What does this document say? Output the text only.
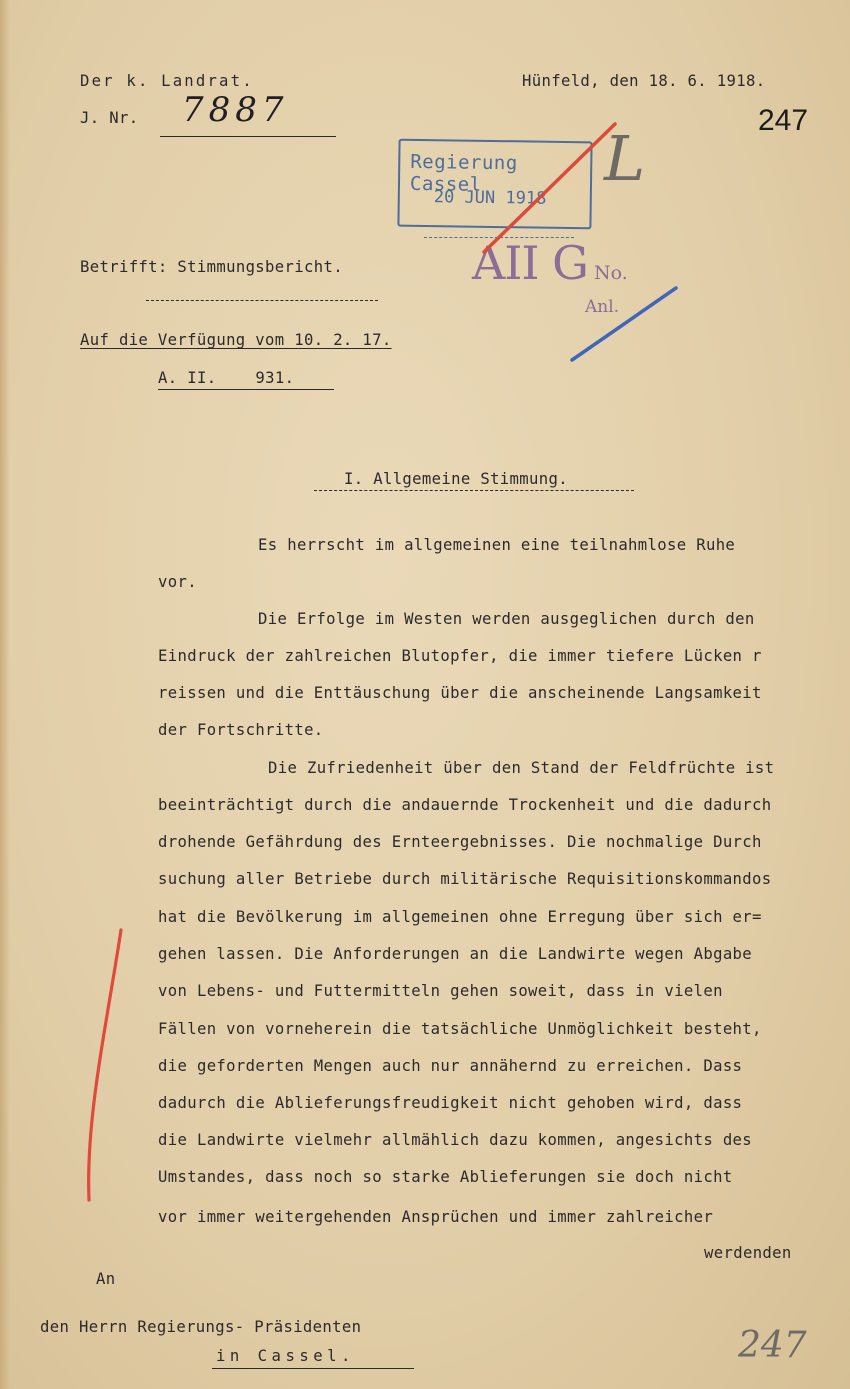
Der k. Landrat.	Hünfeld, den 18. 6. 1918.
J. Nr. 7887	247
Regierung Cassel
20 JUN 1918
AII G No.
Anl.
L
Betrifft: Stimmungsbericht.
Auf die Verfügung vom 10. 2. 17.
A. II.    931.
I. Allgemeine Stimmung.
Es herrscht im allgemeinen eine teilnahmlose Ruhe
vor.
Die Erfolge im Westen werden ausgeglichen durch den
Eindruck der zahlreichen Blutopfer, die immer tiefere Lücken r
reissen und die Enttäuschung über die anscheinende Langsamkeit
der Fortschritte.
Die Zufriedenheit über den Stand der Feldfrüchte ist
beeinträchtigt durch die andauernde Trockenheit und die dadurch
drohende Gefährdung des Ernteergebnisses. Die nochmalige Durch
suchung aller Betriebe durch militärische Requisitionskommandos
hat die Bevölkerung im allgemeinen ohne Erregung über sich er=
gehen lassen. Die Anforderungen an die Landwirte wegen Abgabe
von Lebens- und Futtermitteln gehen soweit, dass in vielen
Fällen von vorneherein die tatsächliche Unmöglichkeit besteht,
die geforderten Mengen auch nur annähernd zu erreichen. Dass
dadurch die Ablieferungsfreudigkeit nicht gehoben wird, dass
die Landwirte vielmehr allmählich dazu kommen, angesichts des
Umstandes, dass noch so starke Ablieferungen sie doch nicht
vor immer weitergehenden Ansprüchen und immer zahlreicher
werdenden
An
den Herrn Regierungs- Präsidenten
in Cassel.	247
